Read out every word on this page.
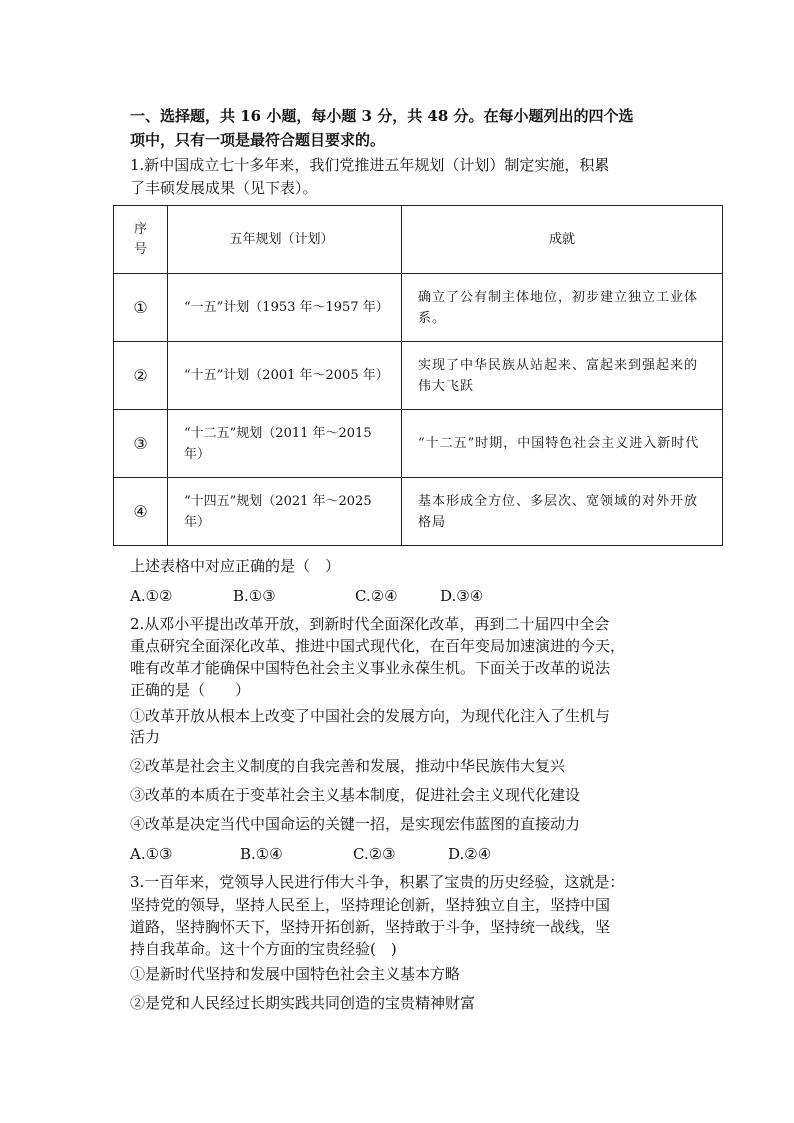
一、选择题，共 16 小题，每小题 3 分，共 48 分。在每小题列出的四个选
项中，只有一项是最符合题目要求的。
1.新中国成立七十多年来，我们党推进五年规划（计划）制定实施，积累
了丰硕发展成果（见下表）。
序号	五年规划（计划）	成就
①	“一五”计划（1953 年～1957 年）	确立了公有制主体地位，初步建立独立工业体系。
②	“十五”计划（2001 年～2005 年）	实现了中华民族从站起来、富起来到强起来的伟大飞跃
③	“十二五”规划（2011 年～2015 年）	“十二五”时期，中国特色社会主义进入新时代
④	“十四五”规划（2021 年～2025 年）	基本形成全方位、多层次、宽领域的对外开放格局
上述表格中对应正确的是（　）
A.①②	B.①③	C.②④	D.③④
2.从邓小平提出改革开放，到新时代全面深化改革，再到二十届四中全会
重点研究全面深化改革、推进中国式现代化，在百年变局加速演进的今天，
唯有改革才能确保中国特色社会主义事业永葆生机。下面关于改革的说法
正确的是（　　）
①改革开放从根本上改变了中国社会的发展方向，为现代化注入了生机与
活力
②改革是社会主义制度的自我完善和发展，推动中华民族伟大复兴
③改革的本质在于变革社会主义基本制度，促进社会主义现代化建设
④改革是决定当代中国命运的关键一招，是实现宏伟蓝图的直接动力
A.①③	B.①④	C.②③	D.②④
3.一百年来，党领导人民进行伟大斗争，积累了宝贵的历史经验，这就是：
坚持党的领导，坚持人民至上，坚持理论创新，坚持独立自主，坚持中国
道路，坚持胸怀天下，坚持开拓创新，坚持敢于斗争，坚持统一战线，坚
持自我革命。这十个方面的宝贵经验(　)
①是新时代坚持和发展中国特色社会主义基本方略
②是党和人民经过长期实践共同创造的宝贵精神财富
